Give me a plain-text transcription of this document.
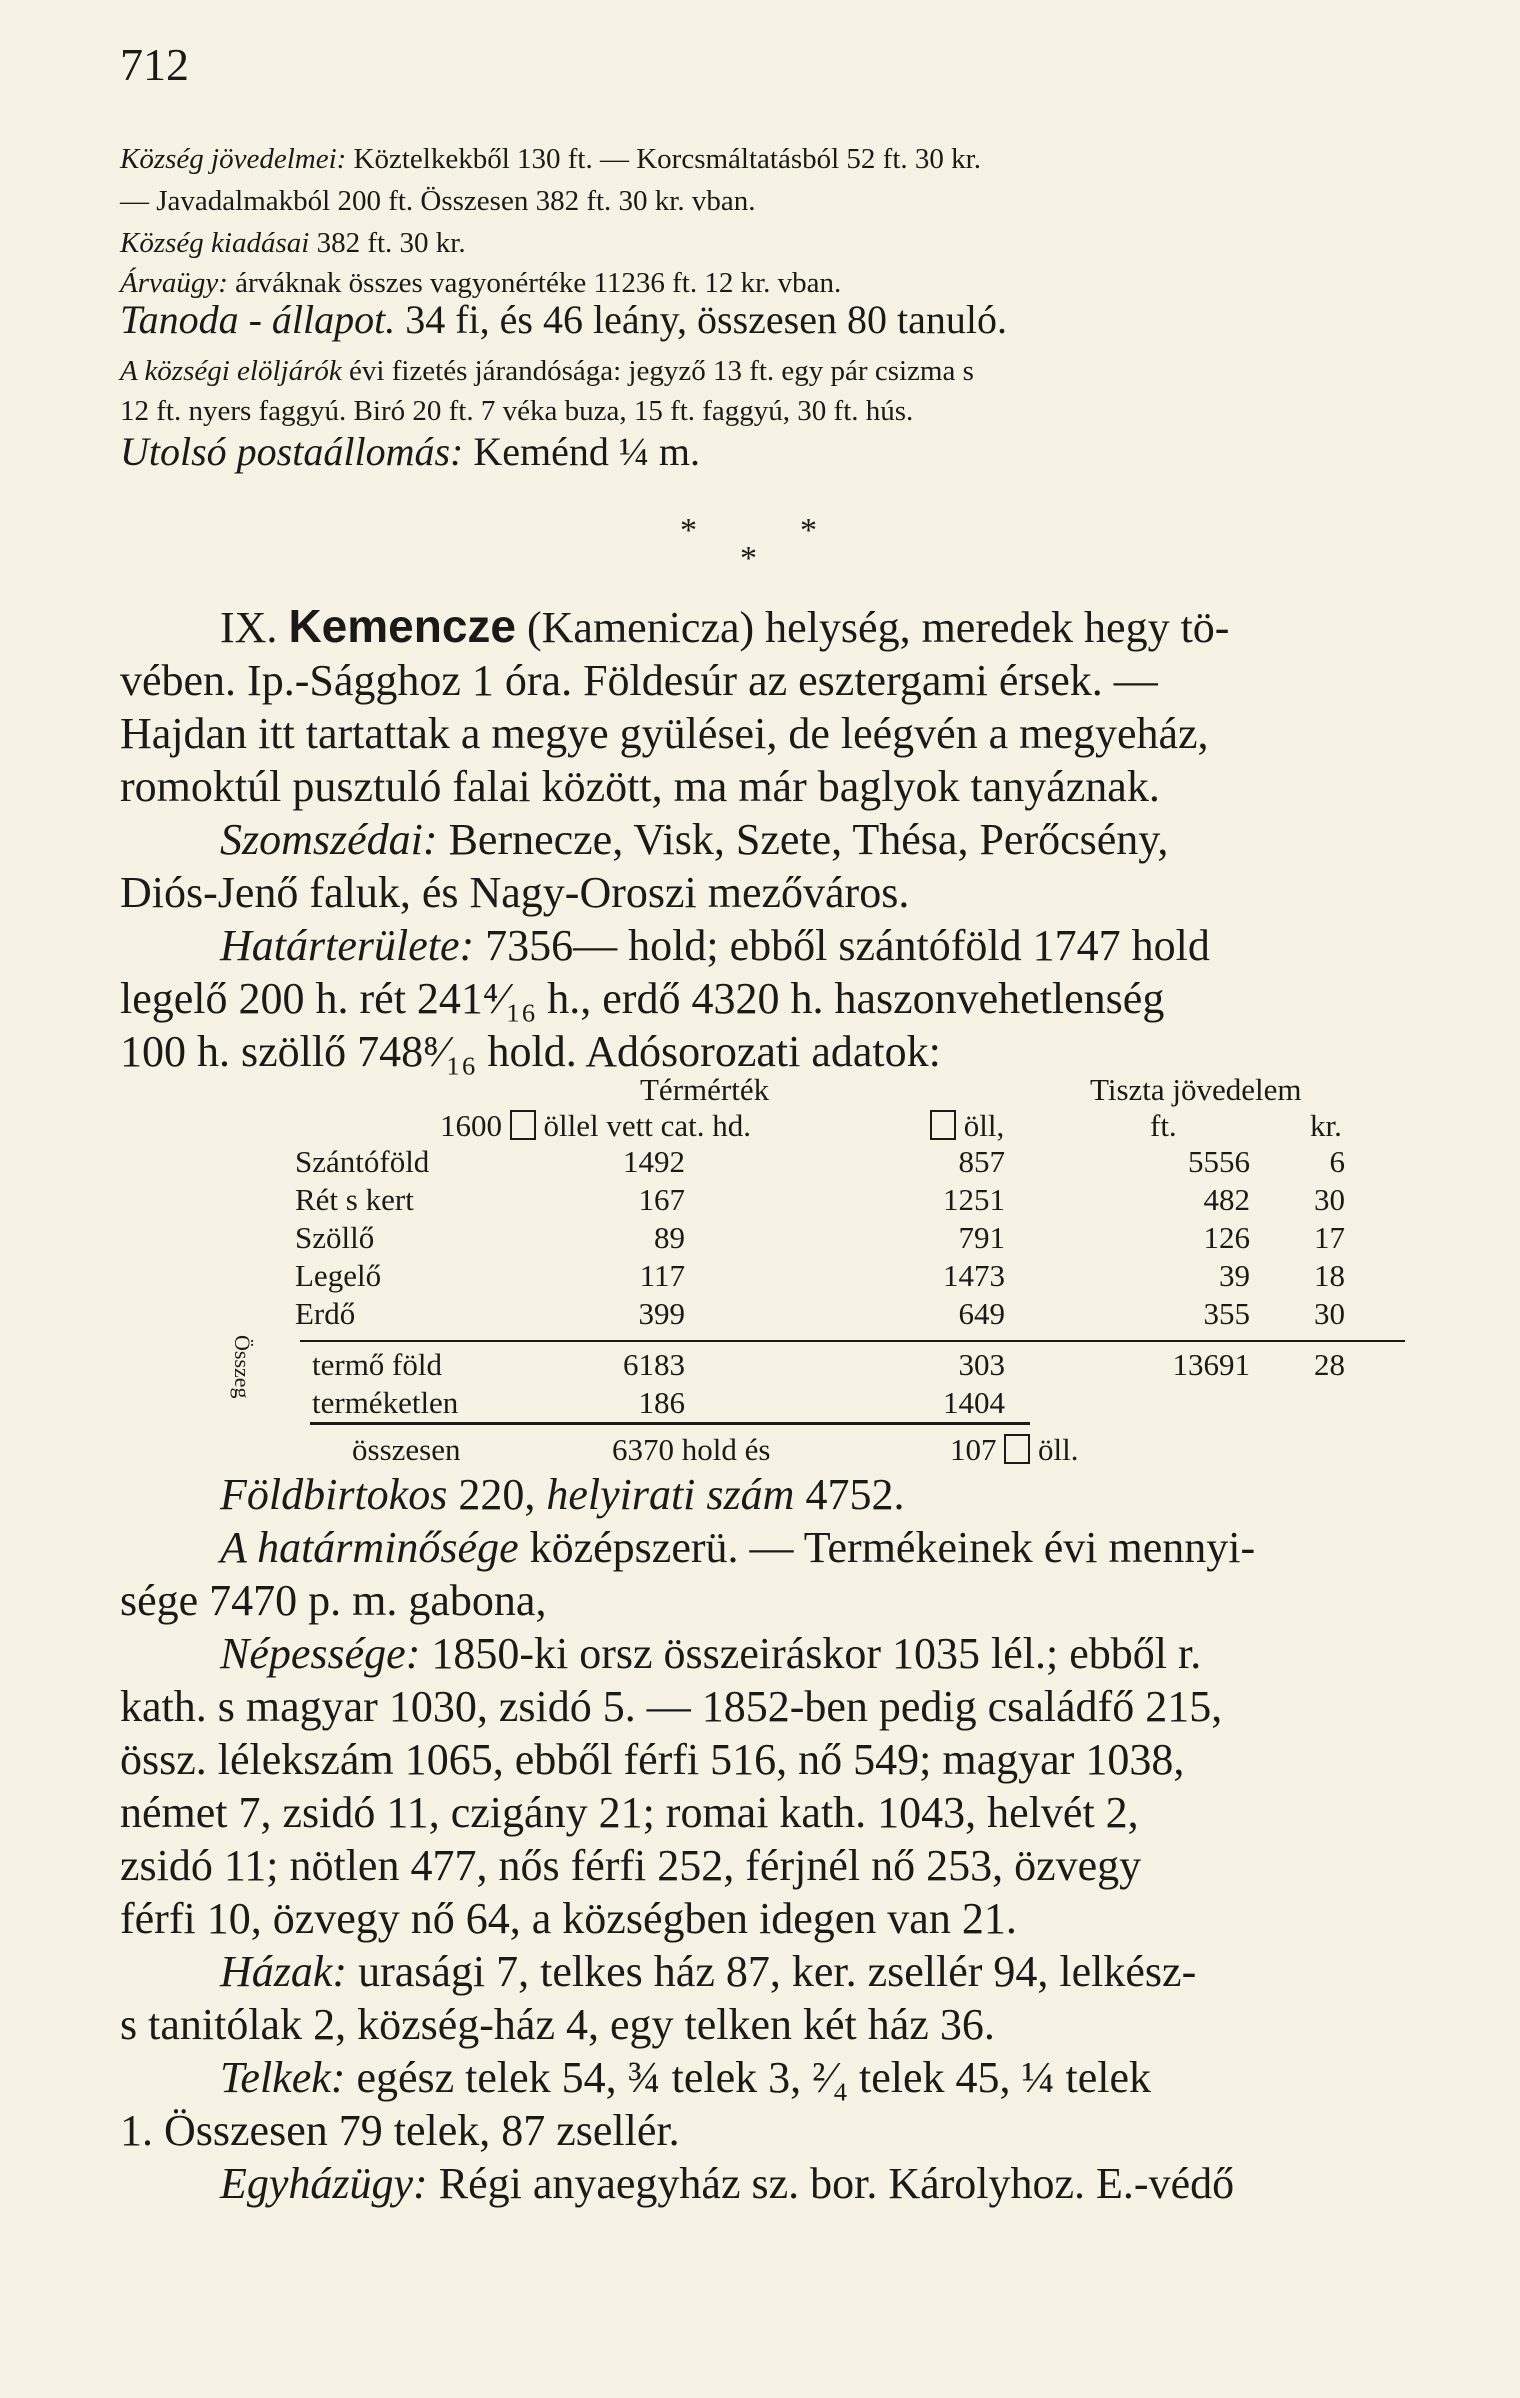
712
Község jövedelmei: Köztelkekből 130 ft. — Korcsmáltatásból 52 ft. 30 kr.
— Javadalmakból 200 ft. Összesen 382 ft. 30 kr. vban.
Község kiadásai 382 ft. 30 kr.
Árvaügy: árváknak összes vagyonértéke 11236 ft. 12 kr. vban.
Tanoda - állapot. 34 fi, és 46 leány, összesen 80 tanuló.
A községi elöljárók évi fizetés járandósága: jegyző 13 ft. egy pár csizma s
12 ft. nyers faggyú. Biró 20 ft. 7 véka buza, 15 ft. faggyú, 30 ft. hús.
Utolsó postaállomás: Keménd ¼ m.
*	*
*

IX. Kemencze (Kamenicza) helység, meredek hegy tö-

vében. Ip.-Ságghoz 1 óra. Földesúr az esztergami érsek. —

Hajdan itt tartattak a megye gyülései, de leégvén a megyeház,

romoktúl pusztuló falai között, ma már baglyok tanyáznak.

Szomszédai: Bernecze, Visk, Szete, Thésa, Perőcsény,

Diós-Jenő faluk, és Nagy-Oroszi mezőváros.

Határterülete: 7356— hold; ebből szántóföld 1747 hold

legelő 200 h. rét 241⁴⁄₁₆ h., erdő 4320 h. haszonvehetlenség

100 h. szöllő 748⁸⁄₁₆ hold. Adósorozati adatok:

Térmérték	Tiszta jövedelem
1600 öllel vett cat. hd.	öll,	ft.	kr.
Szántóföld	1492	857	5556	6
Rét s kert	167	1251	482	30
Szöllő	89	791	126	17
Legelő	117	1473	39	18
Erdő	399	649	355	30
Összeg termő föld	6183	303	13691	28
terméketlen	186	1404
összesen	6370 hold és	107 öll.

Földbirtokos 220, helyirati szám 4752.

A határminősége középszerü. — Termékeinek évi mennyi-

sége 7470 p. m. gabona,

Népessége: 1850-ki orsz összeiráskor 1035 lél.; ebből r.

kath. s magyar 1030, zsidó 5. — 1852-ben pedig családfő 215,

össz. lélekszám 1065, ebből férfi 516, nő 549; magyar 1038,

német 7, zsidó 11, czigány 21; romai kath. 1043, helvét 2,

zsidó 11; nötlen 477, nős férfi 252, férjnél nő 253, özvegy

férfi 10, özvegy nő 64, a községben idegen van 21.

Házak: urasági 7, telkes ház 87, ker. zsellér 94, lelkész-

s tanitólak 2, község-ház 4, egy telken két ház 36.

Telkek: egész telek 54, ¾ telek 3, ²⁄₄ telek 45, ¼ telek

1. Összesen 79 telek, 87 zsellér.

Egyházügy: Régi anyaegyház sz. bor. Károlyhoz. E.-védő
